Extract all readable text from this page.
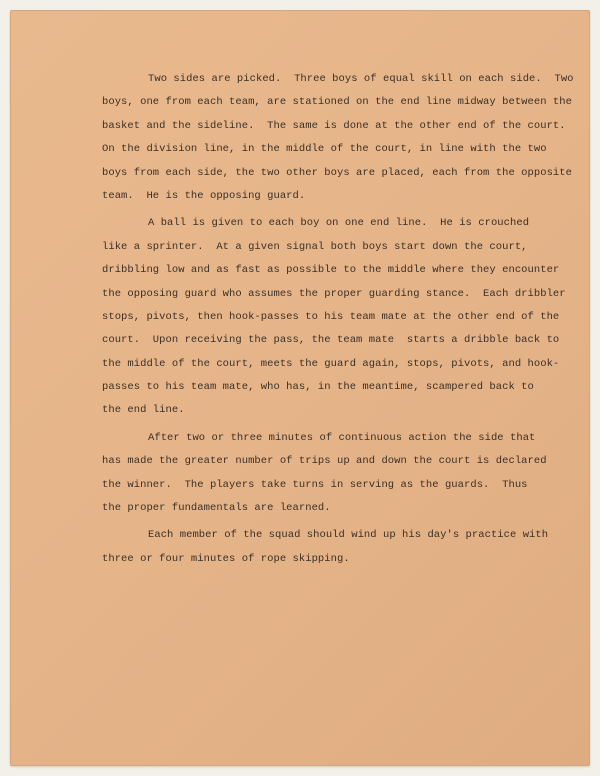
Two sides are picked.  Three boys of equal skill on each side.  Two
boys, one from each team, are stationed on the end line midway between the
basket and the sideline.  The same is done at the other end of the court.
On the division line, in the middle of the court, in line with the two
boys from each side, the two other boys are placed, each from the opposite
team.  He is the opposing guard.
A ball is given to each boy on one end line.  He is crouched
like a sprinter.  At a given signal both boys start down the court,
dribbling low and as fast as possible to the middle where they encounter
the opposing guard who assumes the proper guarding stance.  Each dribbler
stops, pivots, then hook-passes to his team mate at the other end of the
court.  Upon receiving the pass, the team mate  starts a dribble back to
the middle of the court, meets the guard again, stops, pivots, and hook-
passes to his team mate, who has, in the meantime, scampered back to
the end line.
After two or three minutes of continuous action the side that
has made the greater number of trips up and down the court is declared
the winner.  The players take turns in serving as the guards.  Thus
the proper fundamentals are learned.
Each member of the squad should wind up his day's practice with
three or four minutes of rope skipping.
